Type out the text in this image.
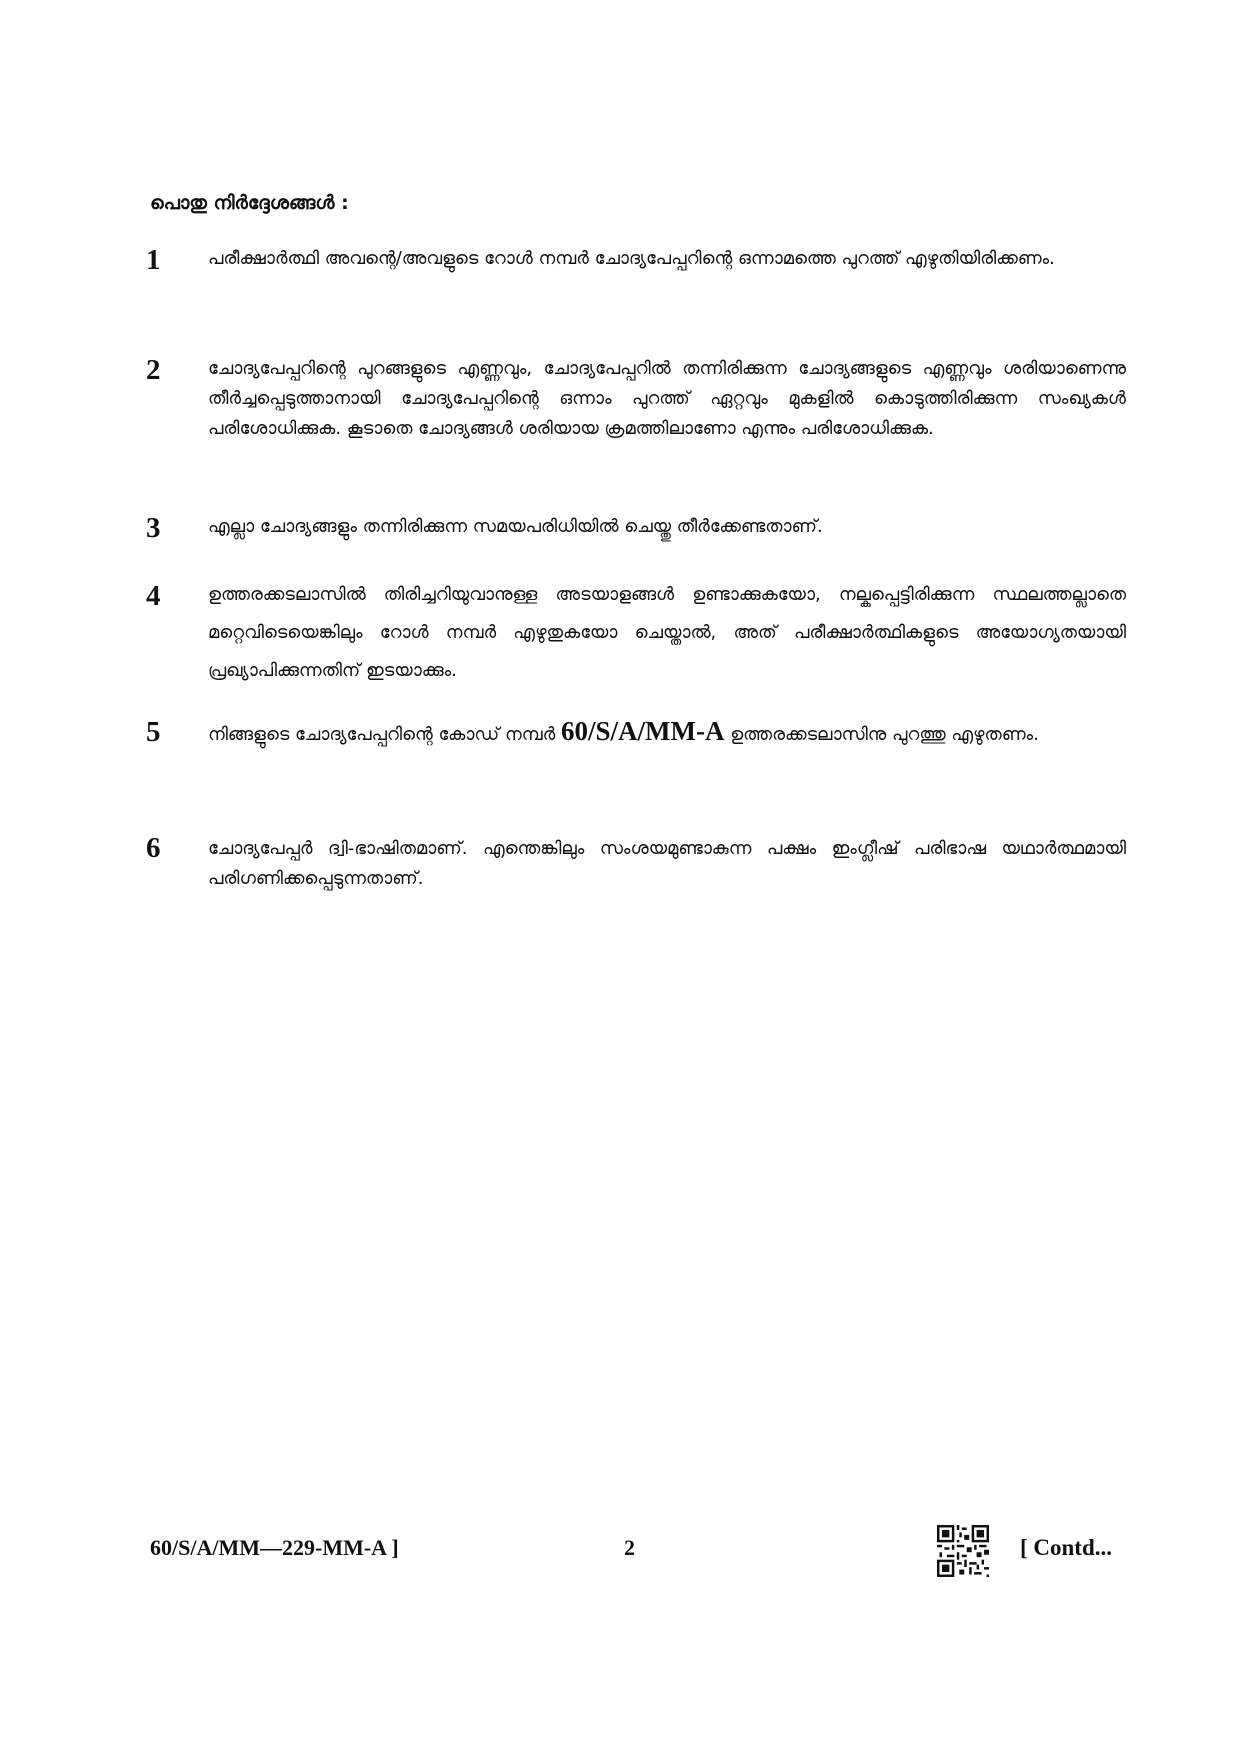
പൊതു നിർദ്ദേശങ്ങൾ :
1	പരീക്ഷാർത്ഥി അവന്റെ/അവളുടെ റോൾ നമ്പർ ചോദ്യപേപ്പറിന്റെ ഒന്നാമത്തെ പുറത്ത് എഴുതിയിരിക്കണം.

2	ചോദ്യപേപ്പറിന്റെ പുറങ്ങളുടെ എണ്ണവും, ചോദ്യപേപ്പറിൽ തന്നിരിക്കുന്ന ചോദ്യങ്ങളുടെ എണ്ണവും ശരിയാണെന്നു തീർച്ചപ്പെടുത്താനായി ചോദ്യപേപ്പറിന്റെ ഒന്നാം പുറത്ത് ഏറ്റവും മുകളിൽ കൊടുത്തിരിക്കുന്ന സംഖ്യകൾ പരിശോധിക്കുക. കൂടാതെ ചോദ്യങ്ങൾ ശരിയായ ക്രമത്തിലാണോ എന്നും പരിശോധിക്കുക.

3	എല്ലാ ചോദ്യങ്ങളും തന്നിരിക്കുന്ന സമയപരിധിയിൽ ചെയ്തു തീർക്കേണ്ടതാണ്.

4	ഉത്തരക്കടലാസിൽ തിരിച്ചറിയുവാനുള്ള അടയാളങ്ങൾ ഉണ്ടാക്കുകയോ, നല്കപ്പെട്ടിരിക്കുന്ന സ്ഥലത്തല്ലാതെ മറ്റെവിടെയെങ്കിലും റോൾ നമ്പർ എഴുതുകയോ ചെയ്താൽ, അത് പരീക്ഷാർത്ഥികളുടെ അയോഗ്യതയായി പ്രഖ്യാപിക്കുന്നതിന് ഇടയാക്കും.

5	നിങ്ങളുടെ ചോദ്യപേപ്പറിന്റെ കോഡ് നമ്പർ 60/S/A/MM-A ഉത്തരക്കടലാസിനു പുറത്തു എഴുതണം.

6	ചോദ്യപേപ്പർ ദ്വി-ഭാഷിതമാണ്. എന്തെങ്കിലും സംശയമുണ്ടാകുന്ന പക്ഷം ഇംഗ്ലീഷ് പരിഭാഷ യഥാർത്ഥമായി പരിഗണിക്കപ്പെടുന്നതാണ്.

60/S/A/MM—229-MM-A ]	2	[ Contd...
